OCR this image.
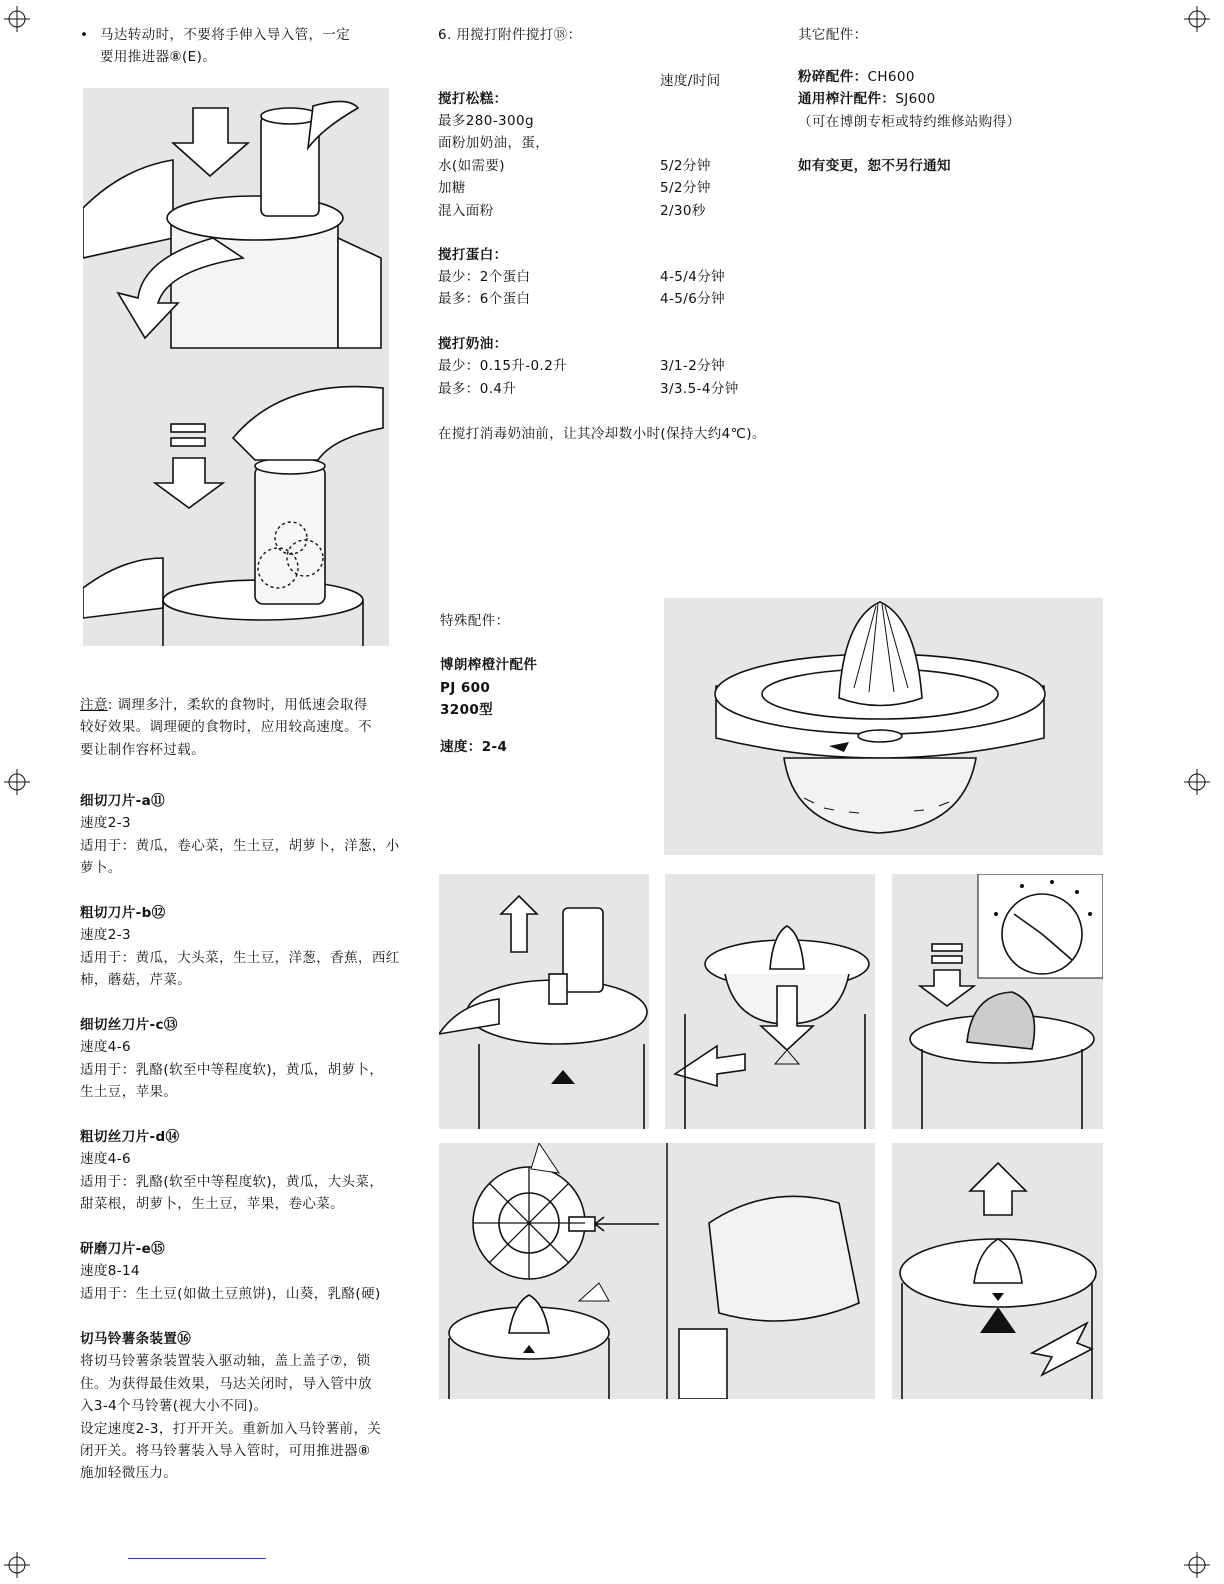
• 马达转动时，不要将手伸入导入管，一定

要用推进器⑧(E)。
注意: 调理多汁，柔软的食物时，用低速会取得
较好效果。调理硬的食物时，应用较高速度。不
要让制作容杯过载。
细切刀片-a⑪
速度2-3
适用于：黄瓜，卷心菜，生土豆，胡萝卜，洋葱，小
萝卜。
粗切刀片-b⑫
速度2-3
适用于：黄瓜，大头菜，生土豆，洋葱，香蕉，西红
柿，蘑菇，芹菜。
细切丝刀片-c⑬
速度4-6
适用于：乳酪(软至中等程度软)，黄瓜，胡萝卜，
生土豆，苹果。
粗切丝刀片-d⑭
速度4-6
适用于：乳酪(软至中等程度软)，黄瓜，大头菜，
甜菜根，胡萝卜，生土豆，苹果，卷心菜。
研磨刀片-e⑮
速度8-14
适用于：生土豆(如做土豆煎饼)，山葵，乳酪(硬)
切马铃薯条装置⑯
将切马铃薯条装置装入驱动轴，盖上盖子⑦，锁
住。为获得最佳效果，马达关闭时，导入管中放
入3-4个马铃薯(视大小不同)。
设定速度2-3，打开开关。重新加入马铃薯前，关
闭开关。将马铃薯装入导入管时，可用推进器⑧
施加轻微压力。
6. 用搅打附件搅打⑱：
速度/时间
搅打松糕：
最多280-300g
面粉加奶油，蛋，
水(如需要)	5/2分钟
加糖	5/2分钟
混入面粉	2/30秒
搅打蛋白：
最少：2个蛋白	4-5/4分钟
最多：6个蛋白	4-5/6分钟
搅打奶油：
最少：0.15升-0.2升	3/1-2分钟
最多：0.4升	3/3.5-4分钟
在搅打消毒奶油前，让其冷却数小时(保持大约4℃)。
特殊配件：
博朗榨橙汁配件
PJ 600
3200型
速度：2-4
其它配件：
粉碎配件：CH600
通用榨汁配件：SJ600
（可在博朗专柜或特约维修站购得）
如有变更，恕不另行通知
